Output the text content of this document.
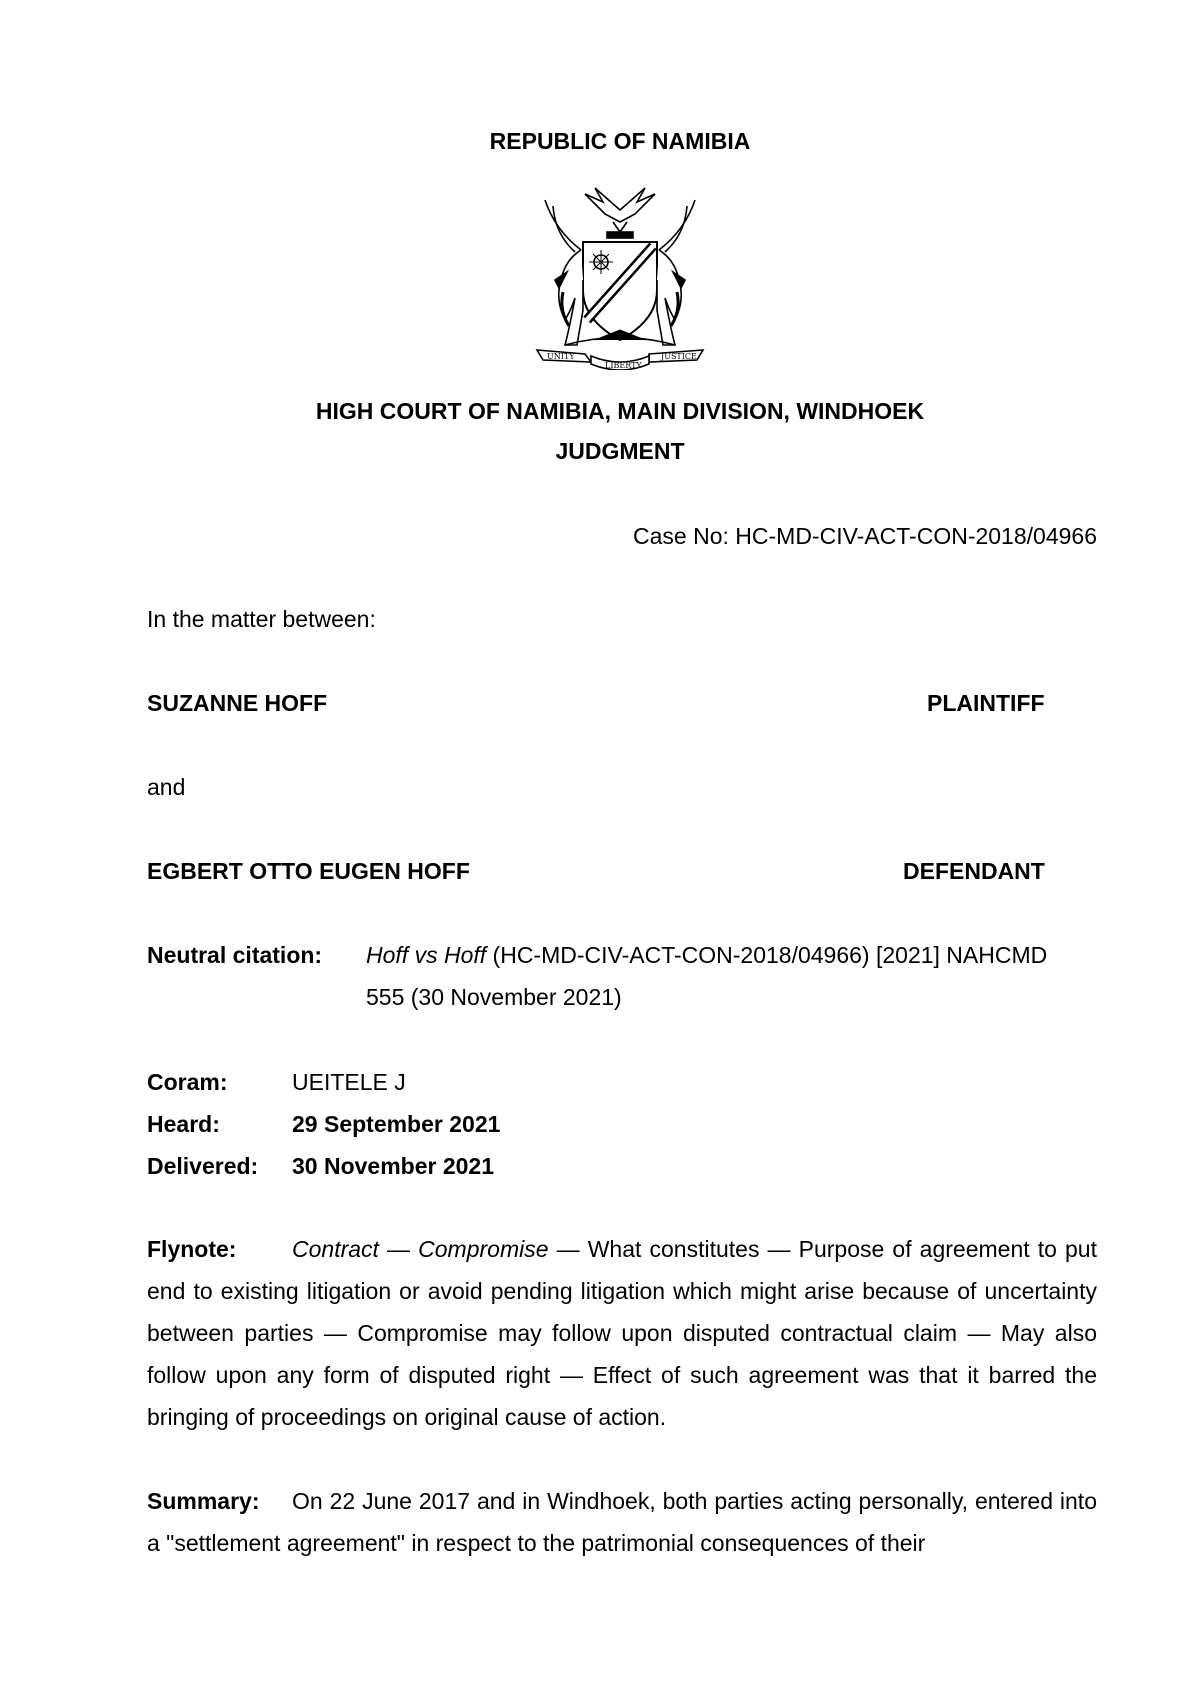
REPUBLIC OF NAMIBIA
UNITY
LIBERTY
JUSTICE
HIGH COURT OF NAMIBIA, MAIN DIVISION, WINDHOEK
JUDGMENT
Case No: HC-MD-CIV-ACT-CON-2018/04966
In the matter between:
SUZANNE HOFF	PLAINTIFF
and
EGBERT OTTO EUGEN HOFF	DEFENDANT
Neutral citation: Hoff vs Hoff (HC-MD-CIV-ACT-CON-2018/04966) [2021] NAHCMD
555 (30 November 2021)
Coram:	UEITELE J
Heard:	29 September 2021
Delivered: 30 November 2021
Flynote: Contract — Compromise — What constitutes — Purpose of agreement to put end to existing litigation or avoid pending litigation which might arise because of uncertainty between parties — Compromise may follow upon disputed contractual claim — May also follow upon any form of disputed right — Effect of such agreement was that it barred the bringing of proceedings on original cause of action.
Summary: On 22 June 2017 and in Windhoek, both parties acting personally, entered into a "settlement agreement" in respect to the patrimonial consequences of their
